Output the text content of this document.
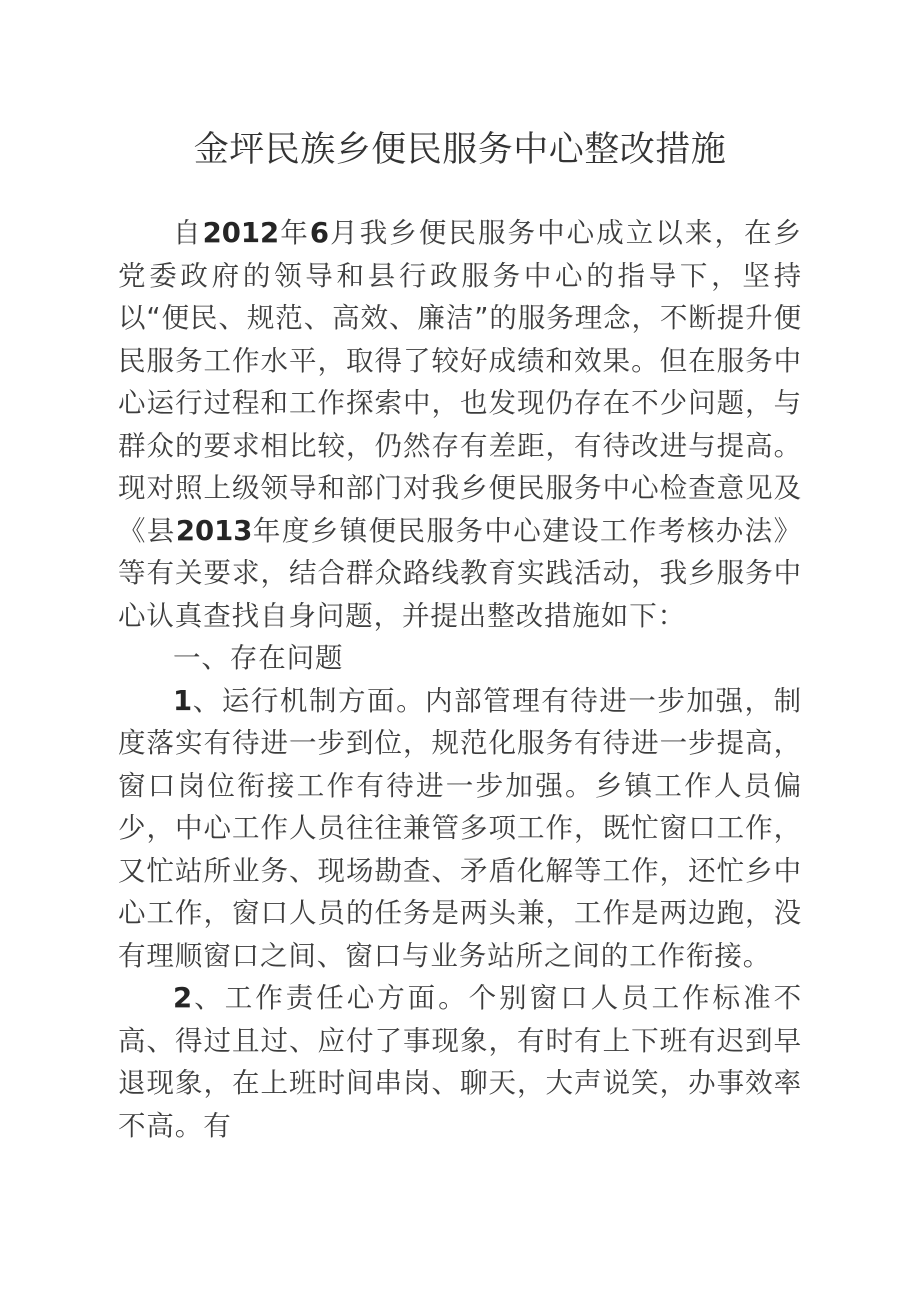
金坪民族乡便民服务中心整改措施

自2012年6月我乡便民服务中心成立以来，在乡党委政府的领导和县行政服务中心的指导下，坚持以“便民、规范、高效、廉洁”的服务理念，不断提升便民服务工作水平，取得了较好成绩和效果。但在服务中心运行过程和工作探索中，也发现仍存在不少问题，与群众的要求相比较，仍然存有差距，有待改进与提高。现对照上级领导和部门对我乡便民服务中心检查意见及《县2013年度乡镇便民服务中心建设工作考核办法》等有关要求，结合群众路线教育实践活动，我乡服务中心认真查找自身问题，并提出整改措施如下：

一、存在问题

1、运行机制方面。内部管理有待进一步加强，制度落实有待进一步到位，规范化服务有待进一步提高，窗口岗位衔接工作有待进一步加强。乡镇工作人员偏少，中心工作人员往往兼管多项工作，既忙窗口工作，又忙站所业务、现场勘查、矛盾化解等工作，还忙乡中心工作，窗口人员的任务是两头兼，工作是两边跑，没有理顺窗口之间、窗口与业务站所之间的工作衔接。

2、工作责任心方面。个别窗口人员工作标准不高、得过且过、应付了事现象，有时有上下班有迟到早退现象，在上班时间串岗、聊天，大声说笑，办事效率不高。有
